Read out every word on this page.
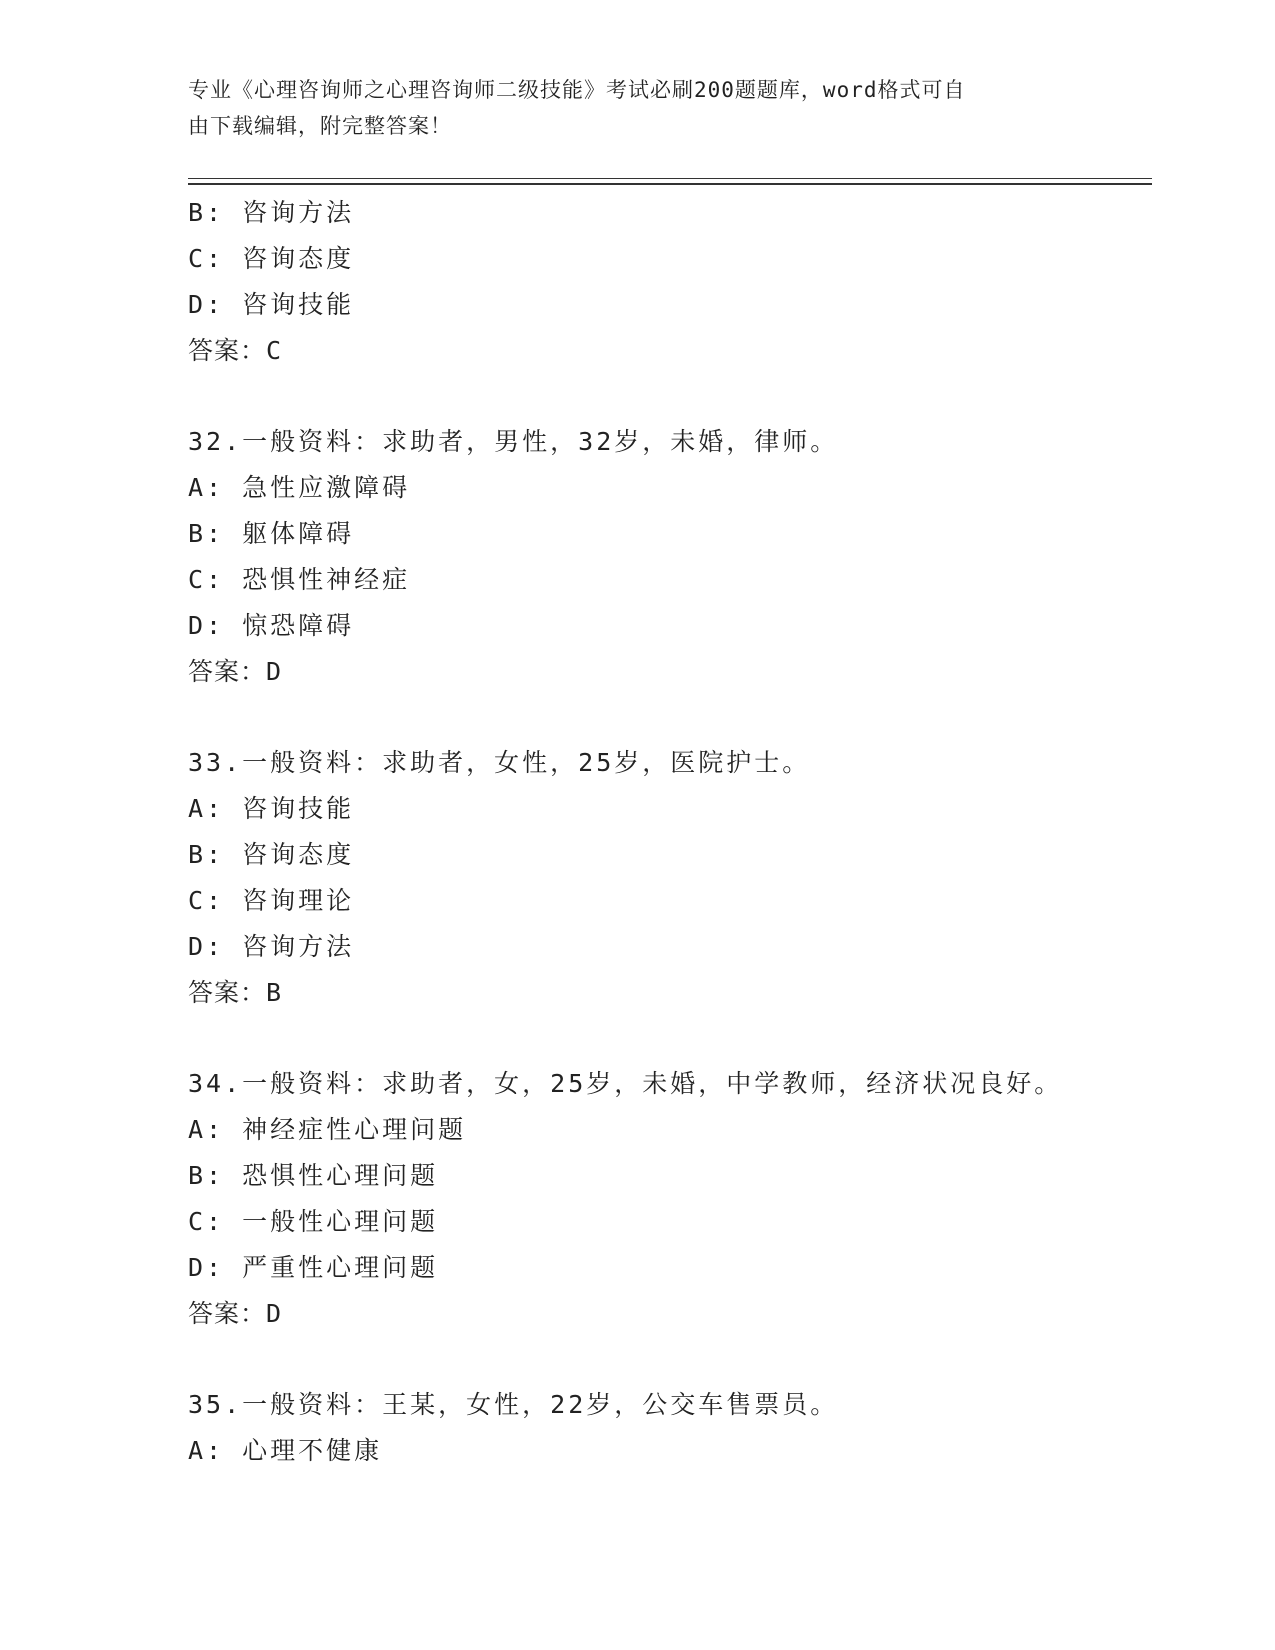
专业《心理咨询师之心理咨询师二级技能》考试必刷200题题库，word格式可自
由下载编辑，附完整答案！
B: 咨询方法
C: 咨询态度
D: 咨询技能
答案：C
32.一般资料：求助者，男性，32岁，未婚，律师。
A: 急性应激障碍
B: 躯体障碍
C: 恐惧性神经症
D: 惊恐障碍
答案：D
33.一般资料：求助者，女性，25岁，医院护士。
A: 咨询技能
B: 咨询态度
C: 咨询理论
D: 咨询方法
答案：B
34.一般资料：求助者，女，25岁，未婚，中学教师，经济状况良好。
A: 神经症性心理问题
B: 恐惧性心理问题
C: 一般性心理问题
D: 严重性心理问题
答案：D
35.一般资料：王某，女性，22岁，公交车售票员。
A: 心理不健康
